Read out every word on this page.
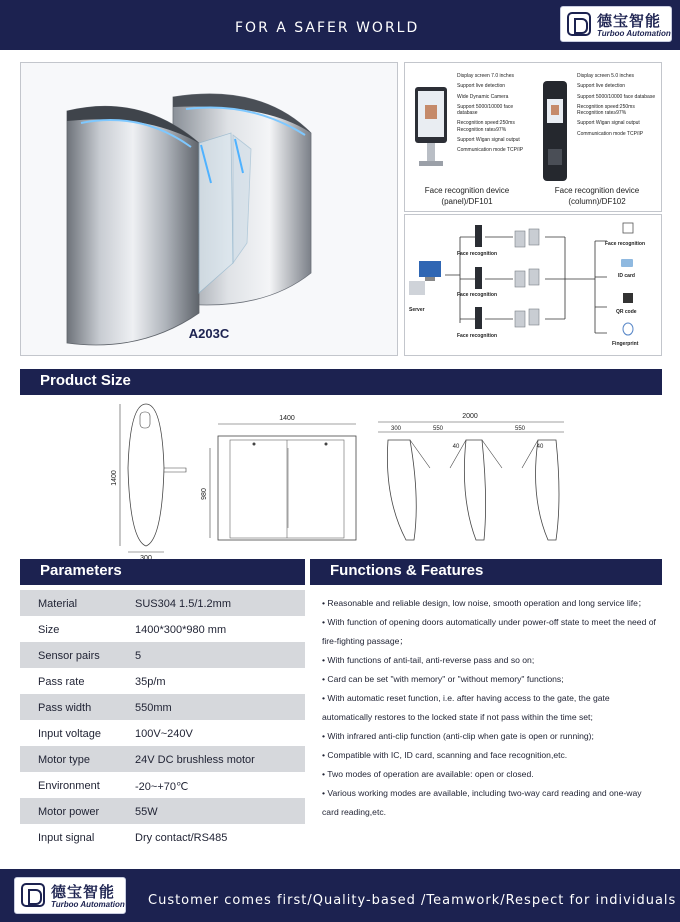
FOR A SAFER WORLD	德宝智能
Turboo Automation
A203C
Display screen 7.0 inches
Support live detection
Wide Dynamic Camera
Support 5000/10000 face database
Recognition speed:250ms Recognition rate≥97%
Support Wigan signal output
Communication mode TCP/IP
Face recognition device
(panel)/DF101
Display screen 5.0 inches
Support live detection
Support 5000/10000 face database
Recognition speed:250ms Recognition rate≥97%
Support Wigan signal output
Communication mode TCP/IP
Face recognition device
(column)/DF102
Server
Face recognition
Face recognition
Face recognition
Face recognition
ID card
QR code
Fingerprint
Product Size
1400
1400
980
2000
300	550	550
40	40
Parameters	Functions & Features
Material	SUS304 1.5/1.2mm
Size	1400*300*980 mm
Sensor pairs	5
Pass rate	35p/m
Pass width	550mm
Input voltage	100V~240V
Motor type	24V DC brushless motor
Environment	-20~+70℃
Motor power	55W
Input signal	Dry contact/RS485
• Reasonable and reliable design, low noise, smooth operation and long service life；
• With function of opening doors automatically under power-off state to meet the need of fire-fighting passage；
• With functions of anti-tail, anti-reverse pass and so on;
• Card can be set "with memory" or "without memory" functions;
• With automatic reset function, i.e. after having access to the gate, the gate automatically restores to the locked state if not pass within the time set;
• With infrared anti-clip function (anti-clip when gate is open or running);
• Compatible with IC, ID card, scanning and face recognition,etc.
• Two modes of operation are available: open or closed.
• Various working modes are available, including two-way card reading and one-way card reading,etc.
德宝智能
Turboo Automation Customer comes first/Quality-based /Teamwork/Respect for individuals
